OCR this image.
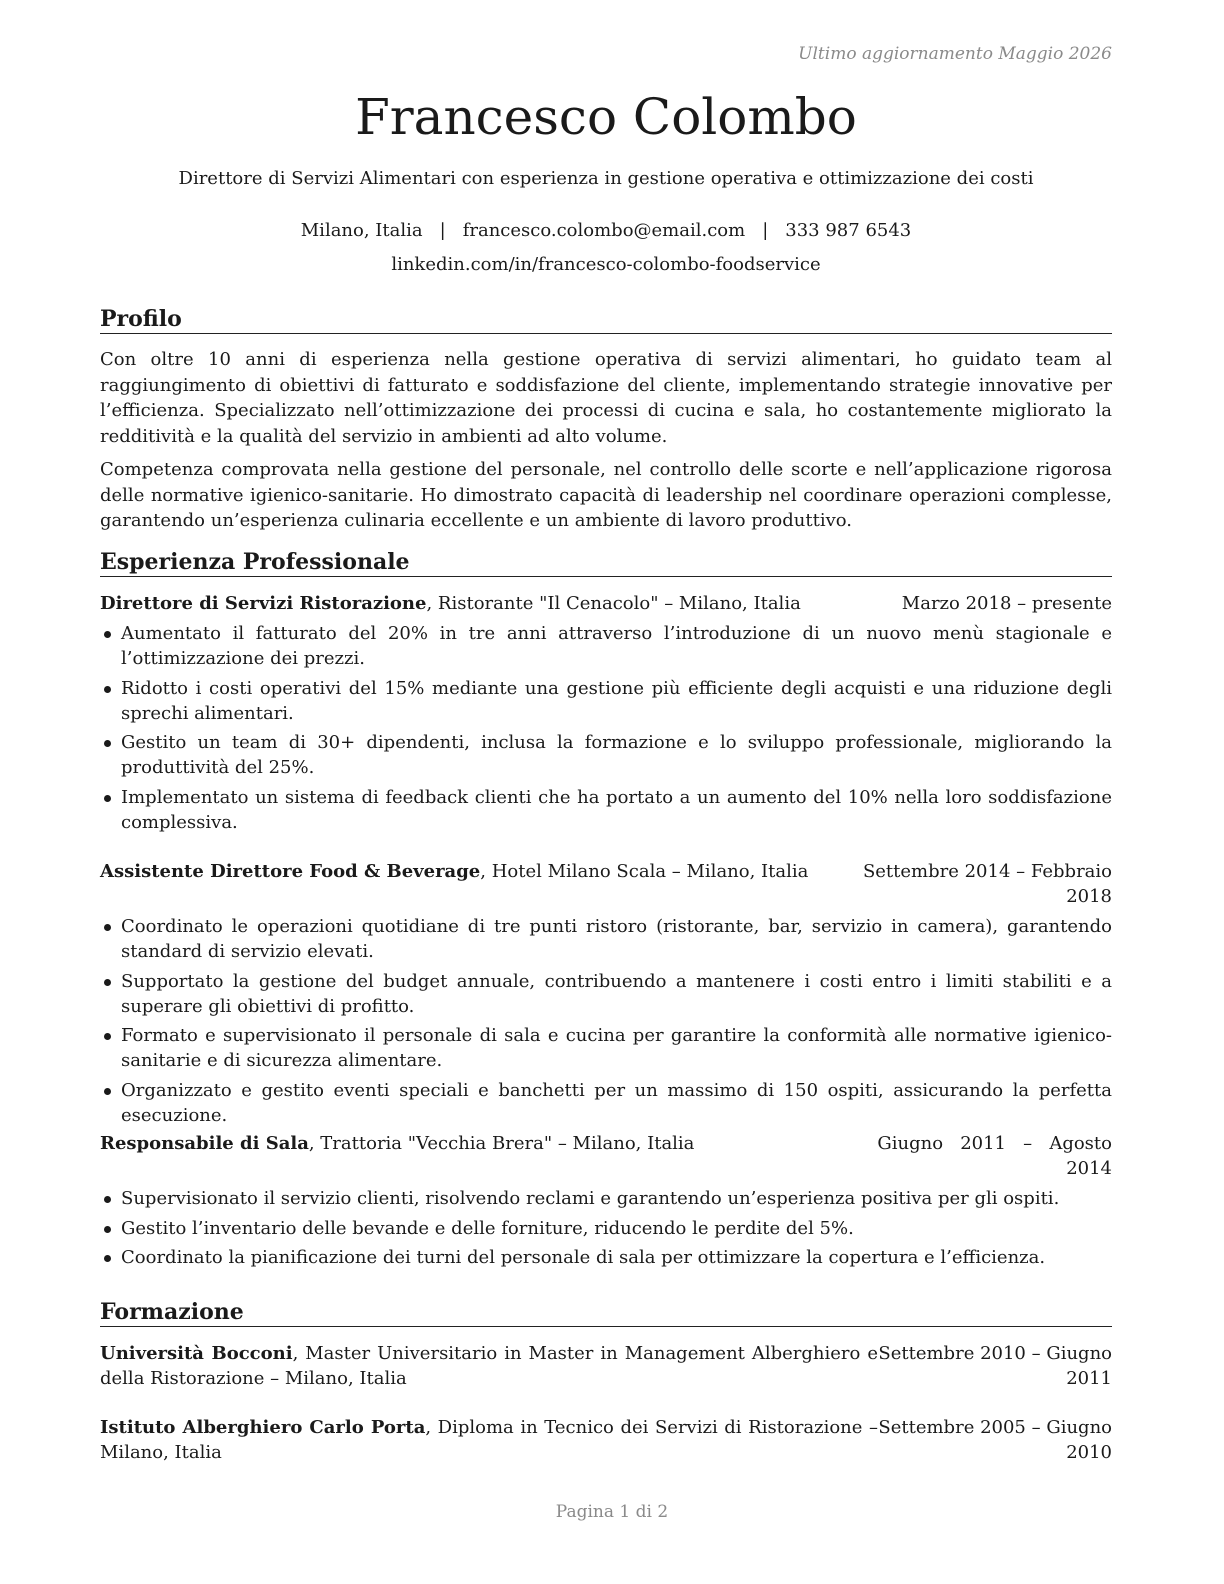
Ultimo aggiornamento Maggio 2026
Francesco Colombo
Direttore di Servizi Alimentari con esperienza in gestione operativa e ottimizzazione dei costi
Milano, Italia | francesco.colombo@email.com | 333 987 6543
linkedin.com/in/francesco-colombo-foodservice
Profilo

Con oltre 10 anni di esperienza nella gestione operativa di servizi alimentari, ho guidato team al raggiungimento di obiettivi di fatturato e soddisfazione del cliente, implementando strategie innovative per l’efficienza. Specializzato nell’ottimizzazione dei processi di cucina e sala, ho costantemente migliorato la redditività e la qualità del servizio in ambienti ad alto volume.

Competenza comprovata nella gestione del personale, nel controllo delle scorte e nell’applicazione rigorosa delle normative igienico-sanitarie. Ho dimostrato capacità di leadership nel coordinare operazioni complesse, garantendo un’esperienza culinaria eccellente e un ambiente di lavoro produttivo.

Esperienza Professionale
Direttore di Servizi Ristorazione, Ristorante "Il Cenacolo" – Milano, Italia	Marzo 2018 – presente
Aumentato il fatturato del 20% in tre anni attraverso l’introduzione di un nuovo menù stagionale e l’ottimizzazione dei prezzi.
Ridotto i costi operativi del 15% mediante una gestione più efficiente degli acquisti e una riduzione degli sprechi alimentari.
Gestito un team di 30+ dipendenti, inclusa la formazione e lo sviluppo professionale, migliorando la produttività del 25%.
Implementato un sistema di feedback clienti che ha portato a un aumento del 10% nella loro soddisfazione complessiva.
Assistente Direttore Food & Beverage, Hotel Milano Scala – Milano, Italia	Settembre 2014 – Febbraio
2018
Coordinato le operazioni quotidiane di tre punti ristoro (ristorante, bar, servizio in camera), garantendo standard di servizio elevati.
Supportato la gestione del budget annuale, contribuendo a mantenere i costi entro i limiti stabiliti e a superare gli obiettivi di profitto.
Formato e supervisionato il personale di sala e cucina per garantire la conformità alle normative igienico-sanitarie e di sicurezza alimentare.
Organizzato e gestito eventi speciali e banchetti per un massimo di 150 ospiti, assicurando la perfetta esecuzione.
Responsabile di Sala, Trattoria "Vecchia Brera" – Milano, Italia	Giugno   2011   –   Agosto
2014
Supervisionato il servizio clienti, risolvendo reclami e garantendo un’esperienza positiva per gli ospiti.
Gestito l’inventario delle bevande e delle forniture, riducendo le perdite del 5%.
Coordinato la pianificazione dei turni del personale di sala per ottimizzare la copertura e l’efficienza.
Formazione
Università Bocconi, Master Universitario in Master in Management Alberghiero e della Ristorazione – Milano, Italia
Settembre 2010 – Giugno
2011
Istituto Alberghiero Carlo Porta, Diploma in Tecnico dei Servizi di Ristorazione – Milano, Italia
Settembre 2005 – Giugno
2010
Pagina 1 di 2
